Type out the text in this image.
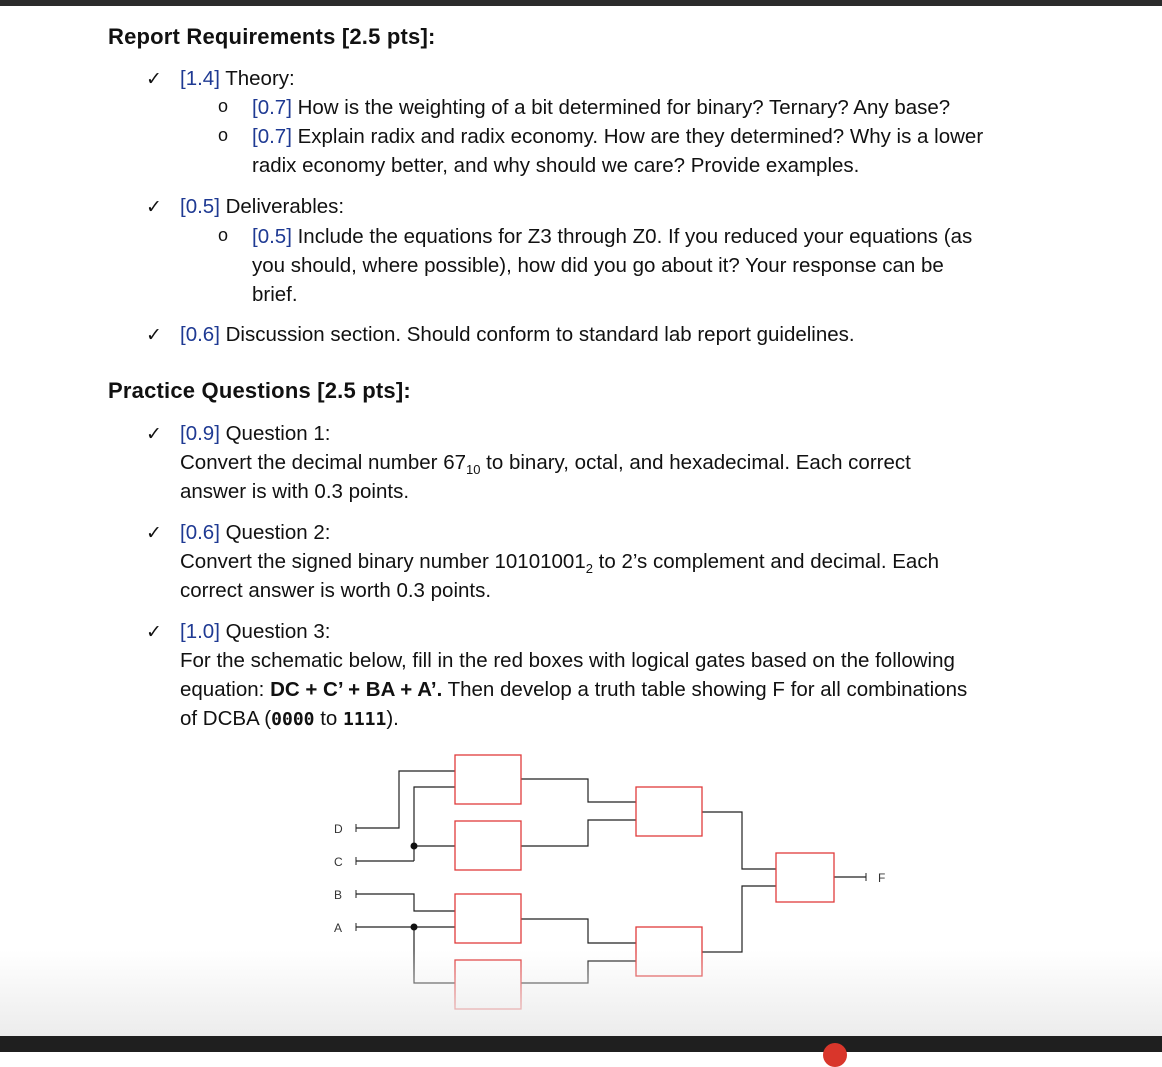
Report Requirements [2.5 pts]:
✓ [1.4] Theory:
o [0.7] How is the weighting of a bit determined for binary? Ternary? Any base?
o [0.7] Explain radix and radix economy. How are they determined? Why is a lower
radix economy better, and why should we care? Provide examples.
✓ [0.5] Deliverables:
o [0.5] Include the equations for Z3 through Z0. If you reduced your equations (as
you should, where possible), how did you go about it? Your response can be
brief.
✓ [0.6] Discussion section. Should conform to standard lab report guidelines.
Practice Questions [2.5 pts]:
✓ [0.9] Question 1:
Convert the decimal number $67_{10}$ to binary, octal, and hexadecimal. Each correct
answer is with 0.3 points.
✓ [0.6] Question 2:
Convert the signed binary number $10101001_2$ to 2’s complement and decimal. Each
correct answer is worth 0.3 points.
✓ [1.0] Question 3:
For the schematic below, fill in the red boxes with logical gates based on the following
equation: DC + C’ + BA + A’. Then develop a truth table showing F for all combinations
of DCBA (0000 to 1111).
D
C
B
A
F
